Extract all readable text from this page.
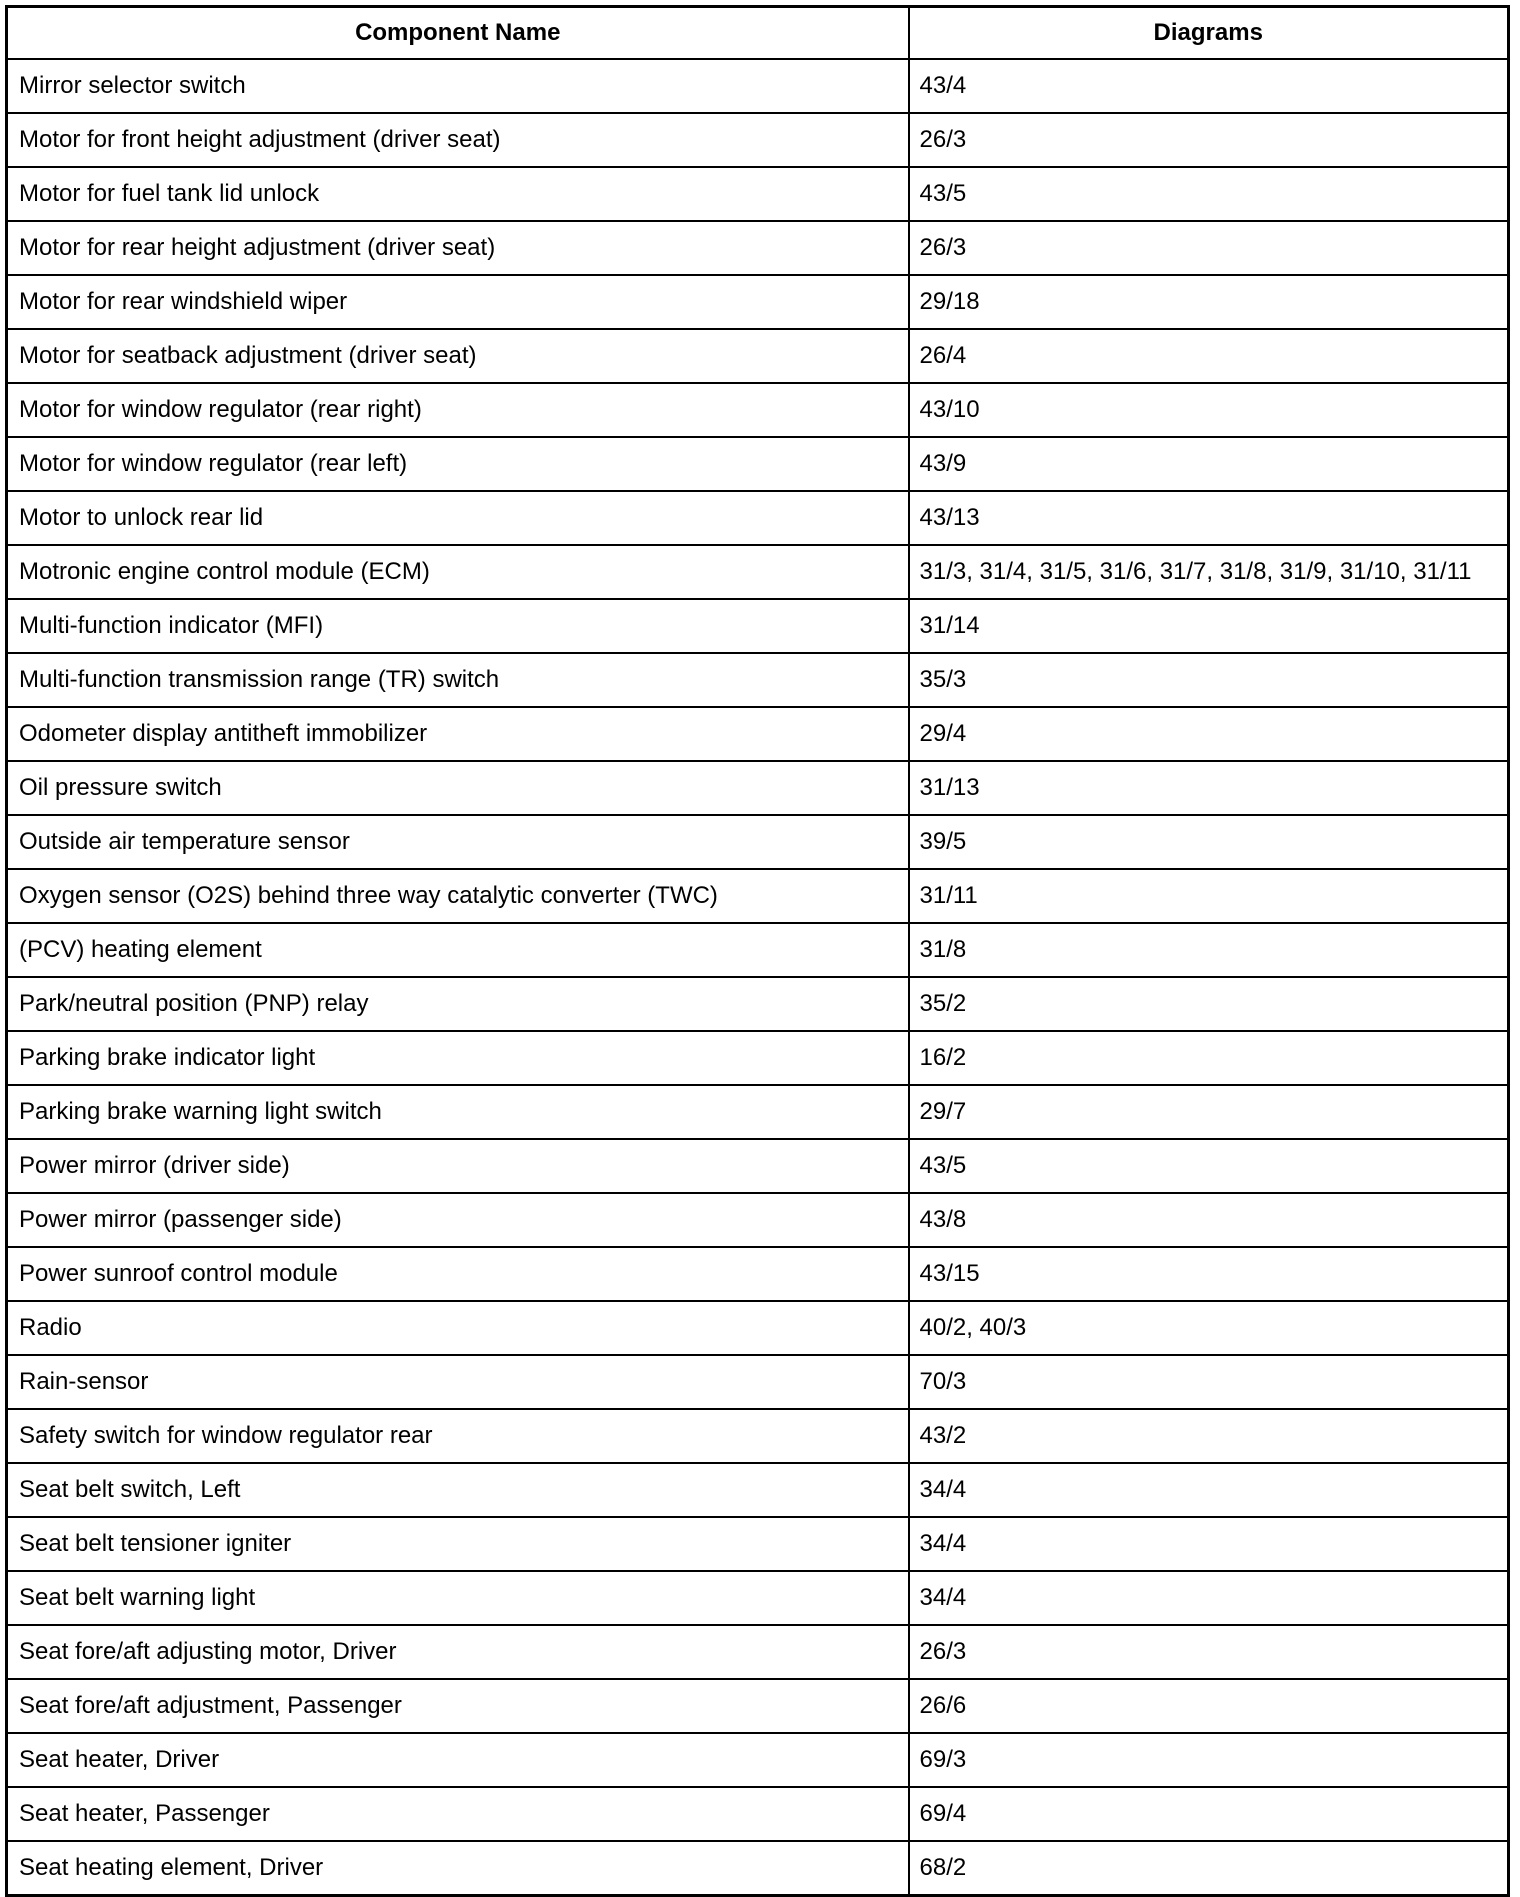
Component Name	Diagrams
Mirror selector switch	43/4
Motor for front height adjustment (driver seat)	26/3
Motor for fuel tank lid unlock	43/5
Motor for rear height adjustment (driver seat)	26/3
Motor for rear windshield wiper	29/18
Motor for seatback adjustment (driver seat)	26/4
Motor for window regulator (rear right)	43/10
Motor for window regulator (rear left)	43/9
Motor to unlock rear lid	43/13
Motronic engine control module (ECM)	31/3, 31/4, 31/5, 31/6, 31/7, 31/8, 31/9, 31/10, 31/11
Multi-function indicator (MFI)	31/14
Multi-function transmission range (TR) switch	35/3
Odometer display antitheft immobilizer	29/4
Oil pressure switch	31/13
Outside air temperature sensor	39/5
Oxygen sensor (O2S) behind three way catalytic converter (TWC)	31/11
(PCV) heating element	31/8
Park/neutral position (PNP) relay	35/2
Parking brake indicator light	16/2
Parking brake warning light switch	29/7
Power mirror (driver side)	43/5
Power mirror (passenger side)	43/8
Power sunroof control module	43/15
Radio	40/2, 40/3
Rain-sensor	70/3
Safety switch for window regulator rear	43/2
Seat belt switch, Left	34/4
Seat belt tensioner igniter	34/4
Seat belt warning light	34/4
Seat fore/aft adjusting motor, Driver	26/3
Seat fore/aft adjustment, Passenger	26/6
Seat heater, Driver	69/3
Seat heater, Passenger	69/4
Seat heating element, Driver	68/2
